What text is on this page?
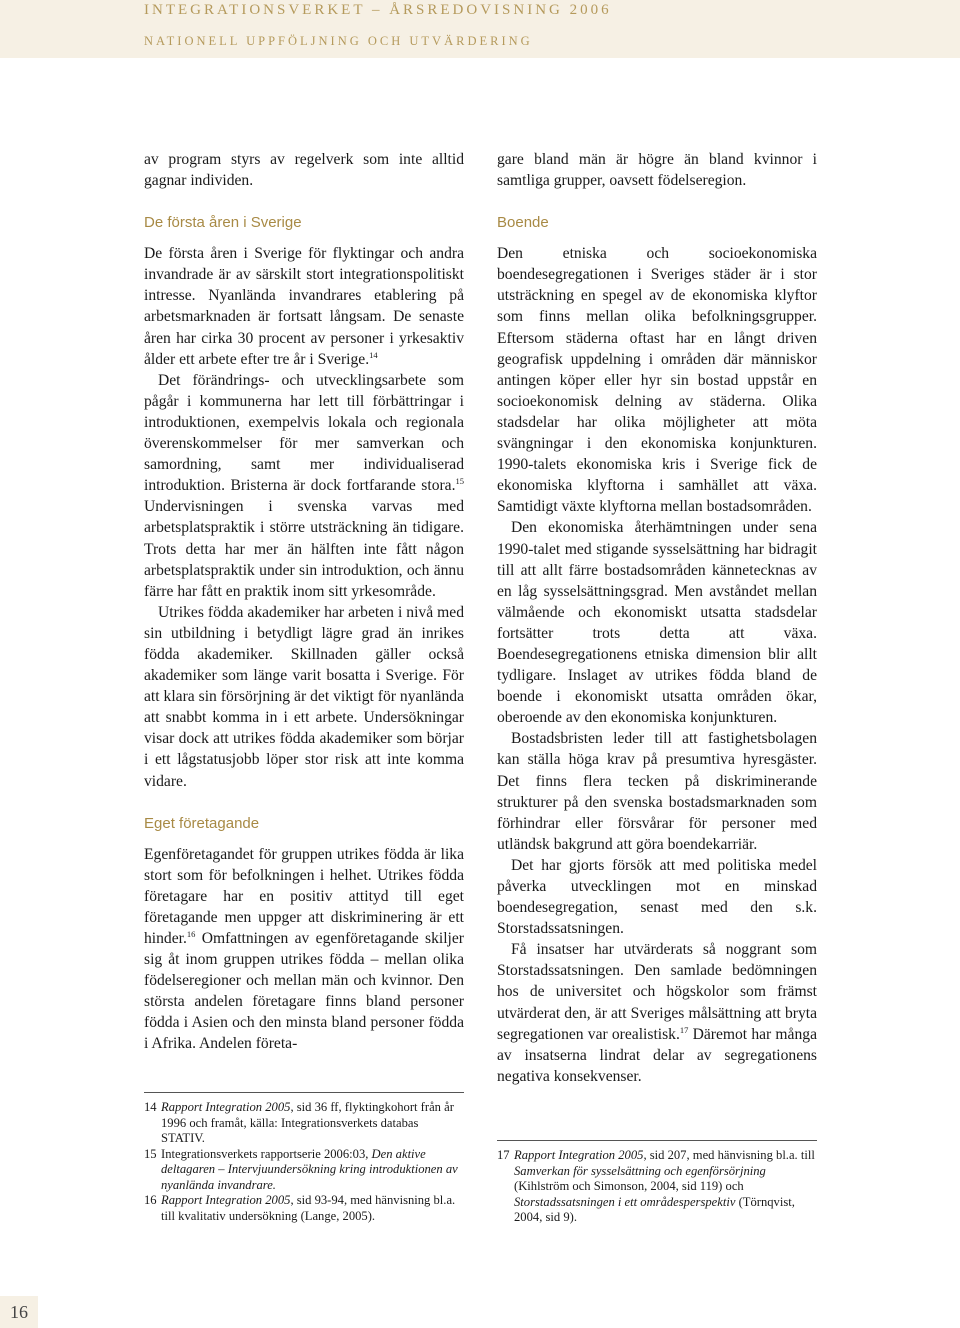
INTEGRATIONSVERKET – ÅRSREDOVISNING 2006
NATIONELL UPPFÖLJNING OCH UTVÄRDERING

av program styrs av regelverk som inte alltid gagnar individen.

De första åren i Sverige

De första åren i Sverige för flyktingar och andra invandrade är av särskilt stort integrationspolitiskt intresse. Nyanlända invandrares etablering på arbetsmarknaden är fortsatt långsam. De senaste åren har cirka 30 procent av personer i yrkesaktiv ålder ett arbete efter tre år i Sverige.$^{14}$

Det förändrings- och utvecklingsarbete som pågår i kommunerna har lett till förbättringar i introduktionen, exempelvis lokala och regionala överenskommelser för mer samverkan och samordning, samt mer individualiserad introduktion. Bristerna är dock fortfarande stora.$^{15}$ Undervisningen i svenska varvas med arbetsplatspraktik i större utsträckning än tidigare. Trots detta har mer än hälften inte fått någon arbetsplatspraktik under sin introduktion, och ännu färre har fått en praktik inom sitt yrkesområde.

Utrikes födda akademiker har arbeten i nivå med sin utbildning i betydligt lägre grad än inrikes födda akademiker. Skillnaden gäller också akademiker som länge varit bosatta i Sverige. För att klara sin försörjning är det viktigt för nyanlända att snabbt komma in i ett arbete. Undersökningar visar dock att utrikes födda akademiker som börjar i ett lågstatusjobb löper stor risk att inte komma vidare.

Eget företagande

Egenföretagandet för gruppen utrikes födda är lika stort som för befolkningen i helhet. Utrikes födda företagare har en positiv attityd till eget företagande men uppger att diskriminering är ett hinder.$^{16}$ Omfattningen av egenföretagande skiljer sig åt inom gruppen utrikes födda – mellan olika födelseregioner och mellan män och kvinnor. Den största andelen företagare finns bland personer födda i Asien och den minsta bland personer födda i Afrika. Andelen företa-

gare bland män är högre än bland kvinnor i samtliga grupper, oavsett födelseregion.

Boende

Den etniska och socioekonomiska boendesegregationen i Sveriges städer är i stor utsträckning en spegel av de ekonomiska klyftor som finns mellan olika befolkningsgrupper. Eftersom städerna oftast har en långt driven geografisk uppdelning i områden där människor antingen köper eller hyr sin bostad uppstår en socioekonomisk delning av städerna. Olika stadsdelar har olika möjligheter att möta svängningar i den ekonomiska konjunkturen. 1990-talets ekonomiska kris i Sverige fick de ekonomiska klyftorna i samhället att växa. Samtidigt växte klyftorna mellan bostadsområden.

Den ekonomiska återhämtningen under sena 1990-talet med stigande sysselsättning har bidragit till att allt färre bostadsområden kännetecknas av en låg sysselsättningsgrad. Men avståndet mellan välmående och ekonomiskt utsatta stadsdelar fortsätter trots detta att växa. Boendesegregationens etniska dimension blir allt tydligare. Inslaget av utrikes födda bland de boende i ekonomiskt utsatta områden ökar, oberoende av den ekonomiska konjunkturen.

Bostadsbristen leder till att fastighetsbolagen kan ställa höga krav på presumtiva hyresgäster. Det finns flera tecken på diskriminerande strukturer på den svenska bostadsmarknaden som förhindrar eller försvårar för personer med utländsk bakgrund att göra boendekarriär.

Det har gjorts försök att med politiska medel påverka utvecklingen mot en minskad boendesegregation, senast med den s.k. Storstadssatsningen.

Få insatser har utvärderats så noggrant som Storstadssatsningen. Den samlade bedömningen hos de universitet och högskolor som främst utvärderat den, är att Sveriges målsättning att bryta segregationen var orealistisk.$^{17}$ Däremot har många av insatserna lindrat delar av segregationens negativa konsekvenser.

14 Rapport Integration 2005, sid 36 ff, flyktingkohort från år 1996 och framåt, källa: Integrationsverkets databas STATIV.
15 Integrationsverkets rapportserie 2006:03, Den aktive deltagaren – Intervjuundersökning kring introduktionen av nyanlända invandrare.
16 Rapport Integration 2005, sid 93-94, med hänvisning bl.a. till kvalitativ undersökning (Lange, 2005).
17 Rapport Integration 2005, sid 207, med hänvisning bl.a. till Samverkan för sysselsättning och egenförsörjning (Kihlström och Simonson, 2004, sid 119) och Storstadssatsningen i ett områdesperspektiv (Törnqvist, 2004, sid 9).
16
